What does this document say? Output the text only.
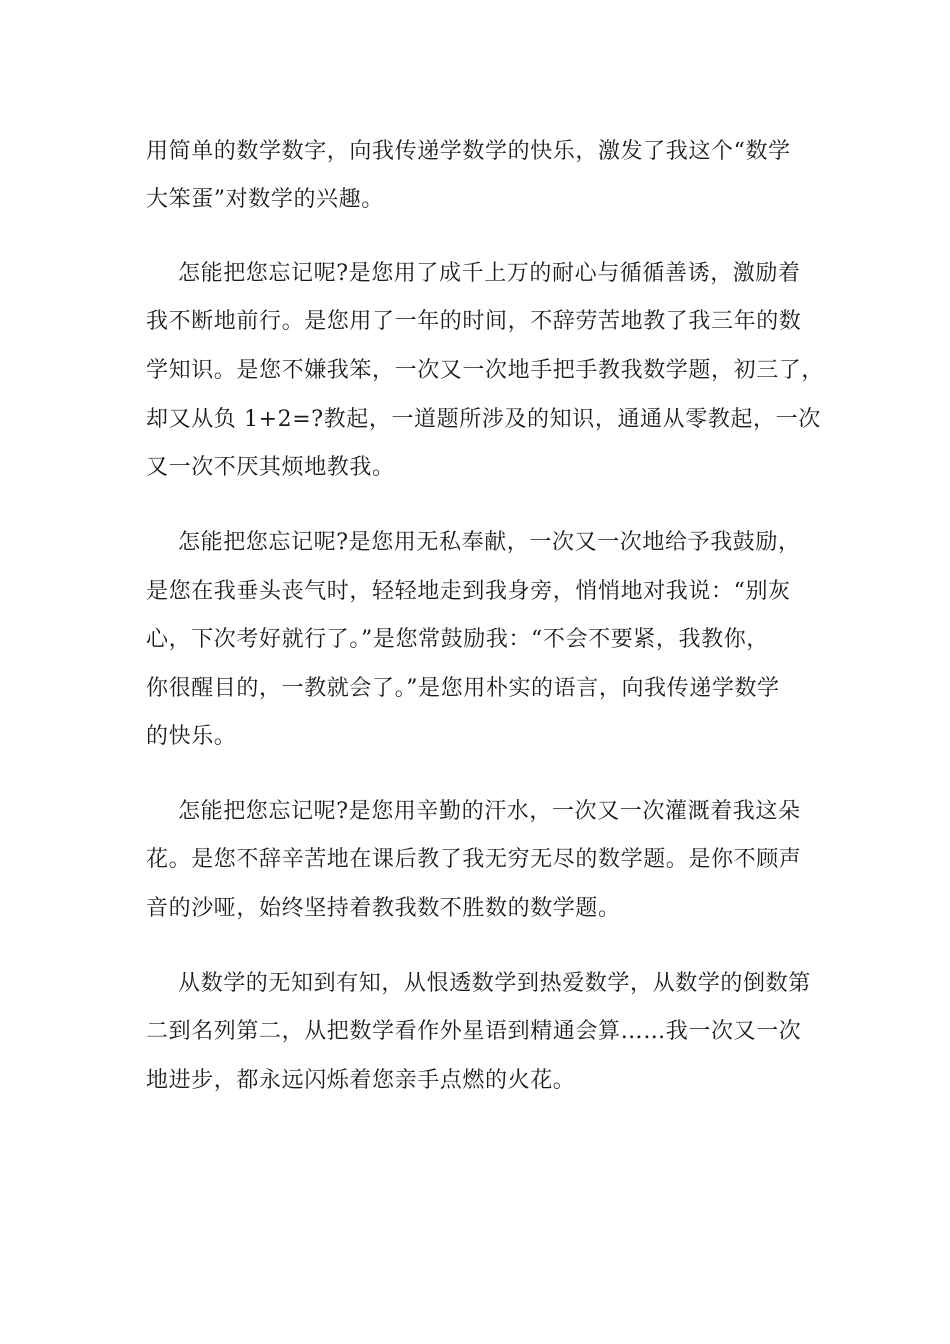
用简单的数学数字，向我传递学数学的快乐，激发了我这个“数学

大笨蛋”对数学的兴趣。

怎能把您忘记呢?是您用了成千上万的耐心与循循善诱，激励着

我不断地前行。是您用了一年的时间，不辞劳苦地教了我三年的数

学知识。是您不嫌我笨，一次又一次地手把手教我数学题，初三了，

却又从负 1+2=?教起，一道题所涉及的知识，通通从零教起，一次

又一次不厌其烦地教我。

怎能把您忘记呢?是您用无私奉献，一次又一次地给予我鼓励，

是您在我垂头丧气时，轻轻地走到我身旁，悄悄地对我说：“别灰

心，下次考好就行了。”是您常鼓励我：“不会不要紧，我教你，

你很醒目的，一教就会了。”是您用朴实的语言，向我传递学数学

的快乐。

怎能把您忘记呢?是您用辛勤的汗水，一次又一次灌溉着我这朵

花。是您不辞辛苦地在课后教了我无穷无尽的数学题。是你不顾声

音的沙哑，始终坚持着教我数不胜数的数学题。

从数学的无知到有知，从恨透数学到热爱数学，从数学的倒数第

二到名列第二，从把数学看作外星语到精通会算……我一次又一次

地进步，都永远闪烁着您亲手点燃的火花。
